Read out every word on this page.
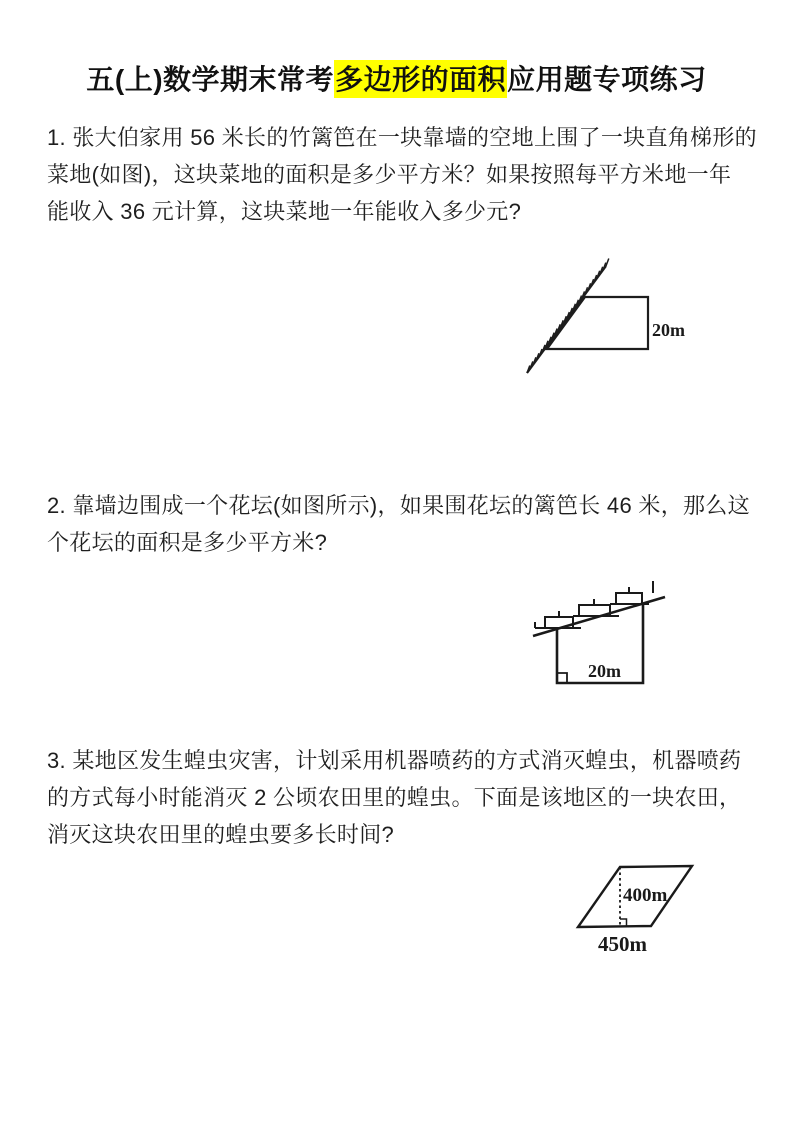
五(上)数学期末常考多边形的面积应用题专项练习
1. 张大伯家用 56 米长的竹篱笆在一块靠墙的空地上围了一块直角梯形的
菜地(如图)，这块菜地的面积是多少平方米？如果按照每平方米地一年
能收入 36 元计算，这块菜地一年能收入多少元?
20m
2. 靠墙边围成一个花坛(如图所示)，如果围花坛的篱笆长 46 米，那么这
个花坛的面积是多少平方米?
20m
3. 某地区发生蝗虫灾害，计划采用机器喷药的方式消灭蝗虫，机器喷药
的方式每小时能消灭 2 公顷农田里的蝗虫。下面是该地区的一块农田，
消灭这块农田里的蝗虫要多长时间?
400m
450m
